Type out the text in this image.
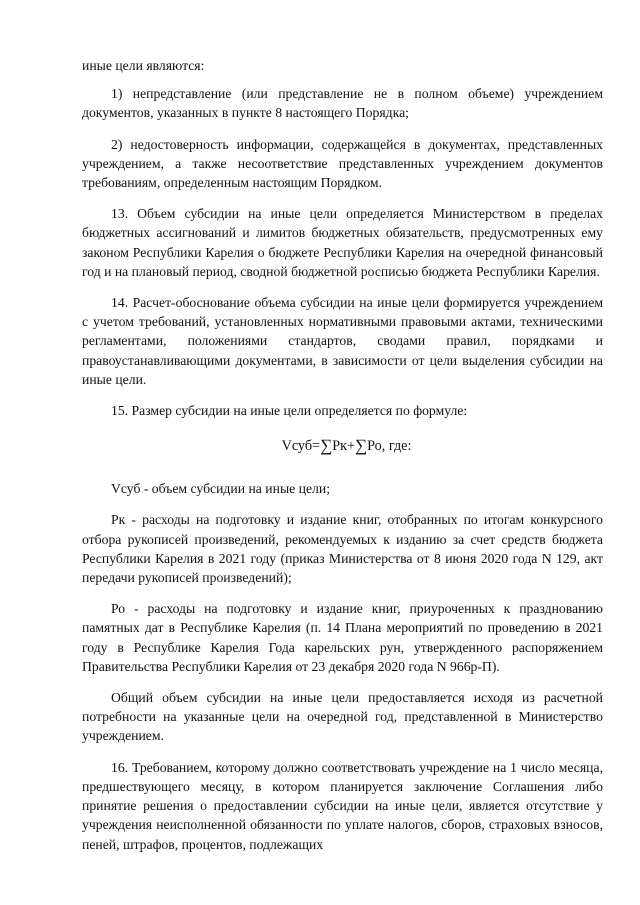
иные цели являются:

1) непредставление (или представление не в полном объеме) учреждением документов, указанных в пункте 8 настоящего Порядка;

2) недостоверность информации, содержащейся в документах, представленных учреждением, а также несоответствие представленных учреждением документов требованиям, определенным настоящим Порядком.

13. Объем субсидии на иные цели определяется Министерством в пределах бюджетных ассигнований и лимитов бюджетных обязательств, предусмотренных ему законом Республики Карелия о бюджете Республики Карелия на очередной финансовый год и на плановый период, сводной бюджетной росписью бюджета Республики Карелия.

14. Расчет-обоснование объема субсидии на иные цели формируется учреждением с учетом требований, установленных нормативными правовыми актами, техническими регламентами, положениями стандартов, сводами правил, порядками и правоустанавливающими документами, в зависимости от цели выделения субсидии на иные цели.

15. Размер субсидии на иные цели определяется по формуле:

Vсуб=∑Рк+∑Ро, где:

Vсуб - объем субсидии на иные цели;

Рк - расходы на подготовку и издание книг, отобранных по итогам конкурсного отбора рукописей произведений, рекомендуемых к изданию за счет средств бюджета Республики Карелия в 2021 году (приказ Министерства от 8 июня 2020 года N 129, акт передачи рукописей произведений);

Ро - расходы на подготовку и издание книг, приуроченных к празднованию памятных дат в Республике Карелия (п. 14 Плана мероприятий по проведению в 2021 году в Республике Карелия Года карельских рун, утвержденного распоряжением Правительства Республики Карелия от 23 декабря 2020 года N 966р-П).

Общий объем субсидии на иные цели предоставляется исходя из расчетной потребности на указанные цели на очередной год, представленной в Министерство учреждением.

16. Требованием, которому должно соответствовать учреждение на 1 число месяца, предшествующего месяцу, в котором планируется заключение Соглашения либо принятие решения о предоставлении субсидии на иные цели, является отсутствие у учреждения неисполненной обязанности по уплате налогов, сборов, страховых взносов, пеней, штрафов, процентов, подлежащих
